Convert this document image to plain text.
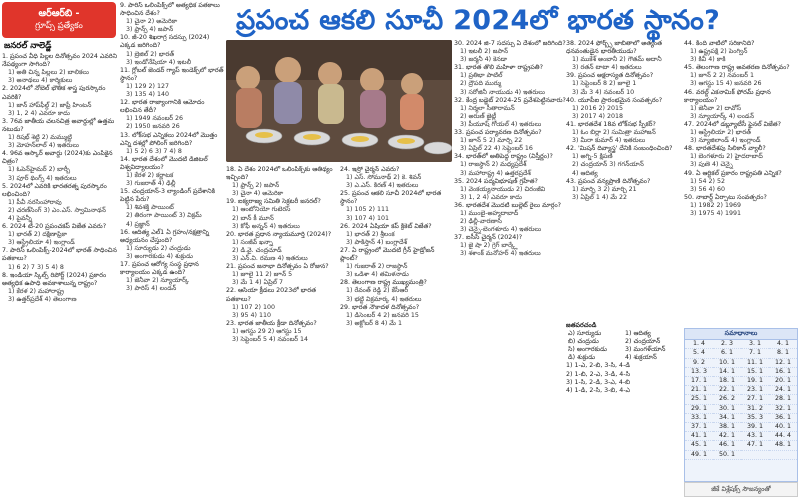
ఆర్‌ఆర్‌బి -
గ్రూప్స్ ప్రత్యేకం	ప్రపంచ ఆకలి సూచీ 2024లో భారత స్థానం?
జనరల్ నాలెడ్జ్
1. ప్రపంచ వీధి పిల్లల దినోత్సవం 2024 ఎవరిని నేపథ్యంగా సాగింది?
1) అతి చిన్న పిల్లలు 2) బాలికలు
3) అనాథలు 4) కార్మికులు
2. 2024లో నోబెల్ భౌతిక శాస్త్ర పురస్కారం ఎవరికి?
1) జాన్ హాప్‌ఫీల్డ్ 2) జాఫ్రీ హింటన్
3) 1, 2 4) ఎవరూ కాదు
3. 76వ జాతీయ చలనచిత్ర అవార్డుల్లో ఉత్తమ నటుడు?
1) రిషభ్ శెట్టి 2) మమ్ముట్టి
3) మోహన్‌లాల్ 4) ఇతరులు
4. 96వ ఆస్కార్ అవార్డు (2024)కు ఎంపికైన చిత్రం?
1) ఓపెన్‌హైమర్ 2) బార్బీ
3) పూర్ థింగ్స్ 4) ఇతరులు
5. 2024లో ఎవరికి భారతరత్న పురస్కారం లభించింది?
1) పీవీ నరసింహారావు
2) చరణ్‌సింగ్ 3) ఎం.ఎస్. స్వామినాథన్
4) పైవన్నీ
6. 2024 టీ-20 ప్రపంచకప్ విజేత ఎవరు?
1) భారత్ 2) దక్షిణాఫ్రికా
3) ఆస్ట్రేలియా 4) ఇంగ్లాండ్
7. పారిస్ ఒలింపిక్స్-2024లో భారత్ సాధించిన పతకాలు?
1) 6 2) 7 3) 5 4) 8
8. ఇండియా స్కిల్స్ రిపోర్ట్ (2024) ప్రకారం అత్యధిక ఉపాధి అవకాశాలున్న రాష్ట్రం?
1) కేరళ 2) మహారాష్ట్ర
3) ఉత్తర్‌ప్రదేశ్ 4) తెలంగాణ
9. పారిస్ ఒలింపిక్స్‌లో అత్యధిక పతకాలు సాధించిన దేశం?
1) చైనా 2) అమెరికా
3) ఫ్రాన్స్ 4) జపాన్
10. జీ-20 శిఖరాగ్ర సదస్సు (2024) ఎక్కడ జరిగింది?
1) బ్రెజిల్ 2) భారత్
3) ఇండోనేషియా 4) ఇటలీ
11. గ్లోబల్ జెండర్ గ్యాప్ ఇండెక్స్‌లో భారత్ స్థానం?
1) 129 2) 127
3) 135 4) 140
12. భారత రాజ్యాంగానికి ఆమోదం లభించిన తేదీ?
1) 1949 నవంబర్ 26
2) 1950 జనవరి 26
13. లోక్‌సభ ఎన్నికలు 2024లో మొత్తం ఎన్ని దశల్లో పోలింగ్ జరిగింది?
1) 5 2) 6 3) 7 4) 8
14. భారత దేశంలో మొదటి డిజిటల్ విశ్వవిద్యాలయం?
1) కేరళ 2) కర్ణాటక
3) గుజరాత్ 4) ఢిల్లీ
15. చంద్రయాన్-3 ల్యాండింగ్ ప్రదేశానికి పెట్టిన పేరు?
1) శివశక్తి పాయింట్
2) తిరంగా పాయింట్ 3) విక్రమ్
4) ప్రజ్ఞాన్
16. ఆదిత్య ఎల్1 ఏ గ్రహం/నక్షత్రాన్ని అధ్యయనం చేస్తుంది?
1) సూర్యుడు 2) చంద్రుడు
3) అంగారకుడు 4) శుక్రుడు
17. ప్రపంచ ఆరోగ్య సంస్థ ప్రధాన కార్యాలయం ఎక్కడ ఉంది?
1) జెనీవా 2) న్యూయార్క్
3) పారిస్ 4) లండన్
18. ఏ దేశం 2024లో ఒలింపిక్స్‌కు ఆతిథ్యం ఇచ్చింది?
1) ఫ్రాన్స్ 2) జపాన్
3) చైనా 4) అమెరికా
19. ఐక్యరాజ్య సమితి సెక్రటరీ జనరల్?
1) ఆంటోనియో గుటెరస్
2) బాన్ కీ మూన్
3) కోఫీ అన్నన్ 4) ఇతరులు
20. భారత ప్రధాన న్యాయమూర్తి (2024)?
1) సంజీవ్ ఖన్నా
2) డి.వై. చంద్రచూడ్
3) ఎన్.వి. రమణ 4) ఇతరులు
21. ప్రపంచ జనాభా దినోత్సవం ఏ రోజున?
1) జూలై 11 2) జూన్ 5
3) మే 1 4) ఏప్రిల్ 7
22. ఆసియా క్రీడలు 2023లో భారత పతకాలు?
1) 107 2) 100
3) 95 4) 110
23. భారత జాతీయ క్రీడా దినోత్సవం?
1) ఆగస్టు 29 2) ఆగస్టు 15
3) సెప్టెంబర్ 5 4) నవంబర్ 14
24. ఇస్రో చైర్మన్ ఎవరు?
1) ఎస్. సోమనాథ్ 2) కె. శివన్
3) ఎ.ఎస్. కిరణ్ 4) ఇతరులు
25. ప్రపంచ ఆకలి సూచీ 2024లో భారత స్థానం?
1) 105 2) 111
3) 107 4) 101
26. 2024 ఏషియా కప్ క్రికెట్ విజేత?
1) భారత్ 2) శ్రీలంక
3) పాకిస్తాన్ 4) బంగ్లాదేశ్
27. ఏ రాష్ట్రంలో మొదటి గ్రీన్ హైడ్రోజన్ ప్లాంట్?
1) గుజరాత్ 2) రాజస్థాన్
3) ఒడిశా 4) తమిళనాడు
28. తెలంగాణ రాష్ట్ర ముఖ్యమంత్రి?
1) రేవంత్ రెడ్డి 2) కేసీఆర్
3) భట్టి విక్రమార్క 4) ఇతరులు
29. భారత నౌకాదళ దినోత్సవం?
1) డిసెంబర్ 4 2) జనవరి 15
3) అక్టోబర్ 8 4) మే 1
30. 2024 జి-7 సదస్సు ఏ దేశంలో జరిగింది?
1) ఇటలీ 2) జపాన్
3) జర్మనీ 4) కెనడా
31. భారత తొలి మహిళా రాష్ట్రపతి?
1) ప్రతిభా పాటిల్
2) ద్రౌపది ముర్ము
3) సరోజినీ నాయుడు 4) ఇతరులు
32. కేంద్ర బడ్జెట్ 2024-25 ప్రవేశపెట్టినవారు?
1) నిర్మలా సీతారామన్
2) అరుణ్ జైట్లీ
3) పీయూష్ గోయల్ 4) ఇతరులు
33. ప్రపంచ పర్యావరణ దినోత్సవం?
1) జూన్ 5 2) మార్చి 22
3) ఏప్రిల్ 22 4) సెప్టెంబర్ 16
34. భారత్‌లో అతిపెద్ద రాష్ట్రం (విస్తీర్ణం)?
1) రాజస్థాన్ 2) మధ్యప్రదేశ్
3) మహారాష్ట్ర 4) ఉత్తరప్రదేశ్
35. 2024 పద్మవిభూషణ్ గ్రహీత?
1) వెంకయ్యనాయుడు 2) చిరంజీవి
3) 1, 2 4) ఎవరూ కాదు
36. భారతదేశ మొదటి బుల్లెట్ రైలు మార్గం?
1) ముంబై-అహ్మదాబాద్
2) ఢిల్లీ-వారణాసి
3) చెన్నై-బెంగళూరు 4) ఇతరులు
37. ఐసీసీ చైర్మన్ (2024)?
1) జై షా 2) గ్రెగ్ బార్క్లే
3) శశాంక్ మనోహర్ 4) ఇతరులు
38. 2024 ఫోర్బ్స్ జాబితాలో అత్యంత ధనవంతుడైన భారతీయుడు?
1) ముకేశ్ అంబానీ 2) గౌతమ్ అదానీ
3) రతన్ టాటా 4) ఇతరులు
39. ప్రపంచ అక్షరాస్యత దినోత్సవం?
1) సెప్టెంబర్ 8 2) జూలై 1
3) మే 3 4) నవంబర్ 10
40. యూపీఐ ప్రారంభమైన సంవత్సరం?
1) 2016 2) 2015
3) 2017 4) 2018
41. భారతదేశ 18వ లోక్‌సభ స్పీకర్?
1) ఓం బిర్లా 2) సుమిత్రా మహాజన్
3) మీరా కుమార్ 4) ఇతరులు
42. 'మిషన్ దివ్యాస్త్ర' దేనికి సంబంధించింది?
1) అగ్ని-5 క్షిపణి
2) చంద్రయాన్ 3) గగన్‌యాన్
4) ఆదిత్య
43. ప్రపంచ వన్యప్రాణి దినోత్సవం?
1) మార్చి 3 2) మార్చి 21
3) ఏప్రిల్ 1 4) మే 22
44. కింది వాటిలో సరికానిది?
1) ఉష్ట్రపక్షి 2) పెంగ్విన్
3) కివీ 4) కాకి
45. తెలంగాణ రాష్ట్ర అవతరణ దినోత్సవం?
1) జూన్ 2 2) నవంబర్ 1
3) ఆగస్టు 15 4) జనవరి 26
46. వరల్డ్ ఎకనామిక్ ఫోరమ్ ప్రధాన కార్యాలయం?
1) జెనీవా 2) దావోస్
3) న్యూయార్క్ 4) లండన్
47. 2024లో డబ్ల్యూటీసీ ఫైనల్ విజేత?
1) ఆస్ట్రేలియా 2) భారత్
3) న్యూజిలాండ్ 4) ఇంగ్లాండ్
48. భారతదేశపు సిలికాన్ వ్యాలీ?
1) బెంగళూరు 2) హైదరాబాద్
3) పుణె 4) చెన్నై
49. ఏ ఆర్టికల్ ప్రకారం రాష్ట్రపతి ఎన్నిక?
1) 54 2) 52
3) 56 4) 60
50. నాబార్డ్ ఏర్పాటు సంవత్సరం?
1) 1982 2) 1969
3) 1975 4) 1991
జతపరచండి
ఎ) సూర్యుడు	1) ఆదిత్య
బి) చంద్రుడు	2) చంద్రయాన్
సి) అంగారకుడు	3) మంగళ్‌యాన్
డి) శుక్రుడు	4) శుక్రయాన్
1) 1-ఎ, 2-బి, 3-సి, 4-డి
2) 1-బి, 2-ఎ, 3-డి, 4-సి
3) 1-సి, 2-డి, 3-ఎ, 4-బి
4) 1-డి, 2-సి, 3-బి, 4-ఎ
సమాధానాలు
1. 4	2. 3	3. 1	4. 1
5. 4	6. 1	7. 1	8. 1
9. 2	10. 1	11. 1	12. 1
13. 3	14. 1	15. 1	16. 1
17. 1	18. 1	19. 1	20. 1
21. 1	22. 1	23. 1	24. 1
25. 1	26. 2	27. 1	28. 1
29. 1	30. 1	31. 2	32. 1
33. 1	34. 1	35. 3	36. 1
37. 1	38. 1	39. 1	40. 1
41. 1	42. 1	43. 1	44. 4
45. 1	46. 1	47. 1	48. 1
49. 1	50. 1		
జీకే విశ్లేషక్స్ సౌజన్యంతో
